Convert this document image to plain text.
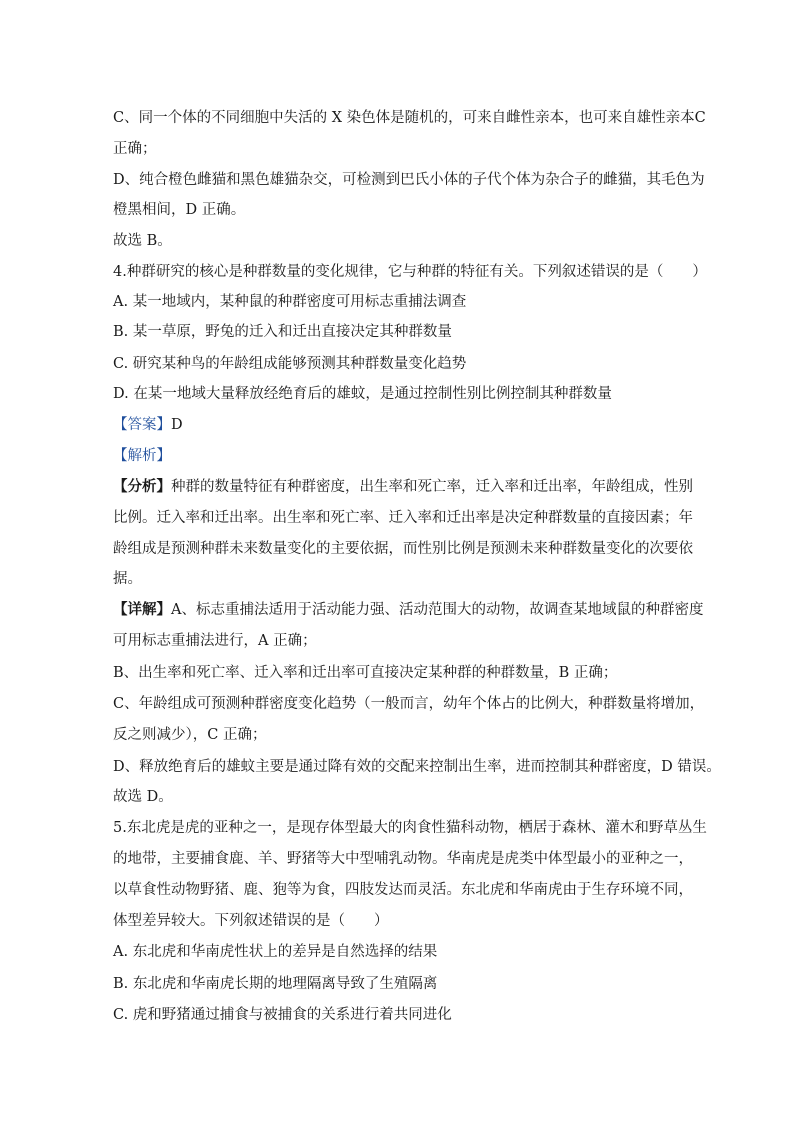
C、同一个体的不同细胞中失活的 X 染色体是随机的，可来自雌性亲本，也可来自雄性亲本C
正确；
D、纯合橙色雌猫和黑色雄猫杂交，可检测到巴氏小体的子代个体为杂合子的雌猫，其毛色为
橙黑相间，D 正确。
故选 B。
4.种群研究的核心是种群数量的变化规律，它与种群的特征有关。下列叙述错误的是（　　）
A. 某一地域内，某种鼠的种群密度可用标志重捕法调查
B. 某一草原，野兔的迁入和迁出直接决定其种群数量
C. 研究某种鸟的年龄组成能够预测其种群数量变化趋势
D. 在某一地域大量释放经绝育后的雄蚊，是通过控制性别比例控制其种群数量
【答案】D
【解析】
【分析】种群的数量特征有种群密度，出生率和死亡率，迁入率和迁出率，年龄组成，性别
比例。迁入率和迁出率。出生率和死亡率、迁入率和迁出率是决定种群数量的直接因素；年
龄组成是预测种群未来数量变化的主要依据，而性别比例是预测未来种群数量变化的次要依
据。
【详解】A、标志重捕法适用于活动能力强、活动范围大的动物，故调查某地域鼠的种群密度
可用标志重捕法进行，A 正确；
B、出生率和死亡率、迁入率和迁出率可直接决定某种群的种群数量，B 正确；
C、年龄组成可预测种群密度变化趋势（一般而言，幼年个体占的比例大，种群数量将增加，
反之则减少），C 正确；
D、释放绝育后的雄蚊主要是通过降有效的交配来控制出生率，进而控制其种群密度，D 错误。
故选 D。
5.东北虎是虎的亚种之一，是现存体型最大的肉食性猫科动物，栖居于森林、灌木和野草丛生
的地带，主要捕食鹿、羊、野猪等大中型哺乳动物。华南虎是虎类中体型最小的亚种之一，
以草食性动物野猪、鹿、狍等为食，四肢发达而灵活。东北虎和华南虎由于生存环境不同，
体型差异较大。下列叙述错误的是（　　）
A. 东北虎和华南虎性状上的差异是自然选择的结果
B. 东北虎和华南虎长期的地理隔离导致了生殖隔离
C. 虎和野猪通过捕食与被捕食的关系进行着共同进化
